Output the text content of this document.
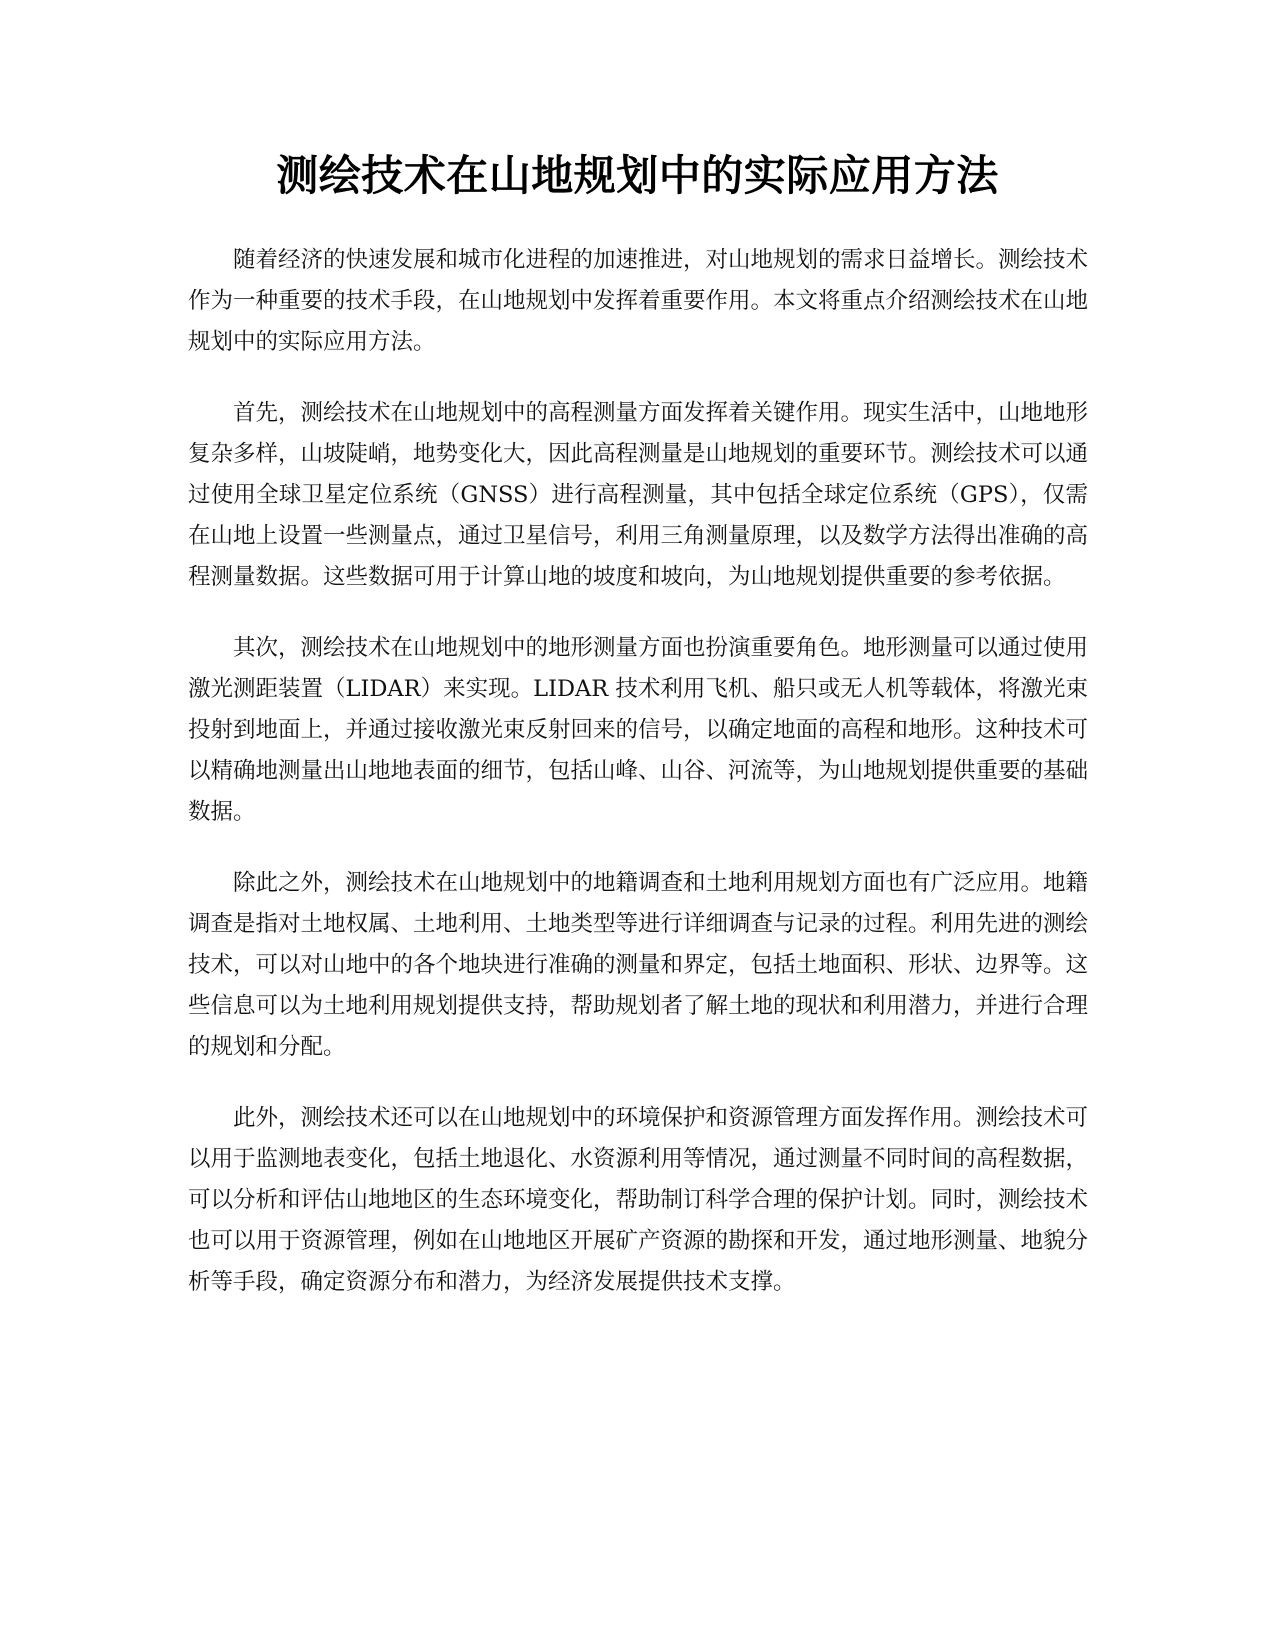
测绘技术在山地规划中的实际应用方法

随着经济的快速发展和城市化进程的加速推进，对山地规划的需求日益增长。测绘技术作为一种重要的技术手段，在山地规划中发挥着重要作用。本文将重点介绍测绘技术在山地规划中的实际应用方法。

首先，测绘技术在山地规划中的高程测量方面发挥着关键作用。现实生活中，山地地形复杂多样，山坡陡峭，地势变化大，因此高程测量是山地规划的重要环节。测绘技术可以通过使用全球卫星定位系统（GNSS）进行高程测量，其中包括全球定位系统（GPS），仅需在山地上设置一些测量点，通过卫星信号，利用三角测量原理，以及数学方法得出准确的高程测量数据。这些数据可用于计算山地的坡度和坡向，为山地规划提供重要的参考依据。

其次，测绘技术在山地规划中的地形测量方面也扮演重要角色。地形测量可以通过使用激光测距装置（LIDAR）来实现。LIDAR 技术利用飞机、船只或无人机等载体，将激光束投射到地面上，并通过接收激光束反射回来的信号，以确定地面的高程和地形。这种技术可以精确地测量出山地地表面的细节，包括山峰、山谷、河流等，为山地规划提供重要的基础数据。

除此之外，测绘技术在山地规划中的地籍调查和土地利用规划方面也有广泛应用。地籍调查是指对土地权属、土地利用、土地类型等进行详细调查与记录的过程。利用先进的测绘技术，可以对山地中的各个地块进行准确的测量和界定，包括土地面积、形状、边界等。这些信息可以为土地利用规划提供支持，帮助规划者了解土地的现状和利用潜力，并进行合理的规划和分配。

此外，测绘技术还可以在山地规划中的环境保护和资源管理方面发挥作用。测绘技术可以用于监测地表变化，包括土地退化、水资源利用等情况，通过测量不同时间的高程数据，可以分析和评估山地地区的生态环境变化，帮助制订科学合理的保护计划。同时，测绘技术也可以用于资源管理，例如在山地地区开展矿产资源的勘探和开发，通过地形测量、地貌分析等手段，确定资源分布和潜力，为经济发展提供技术支撑。
